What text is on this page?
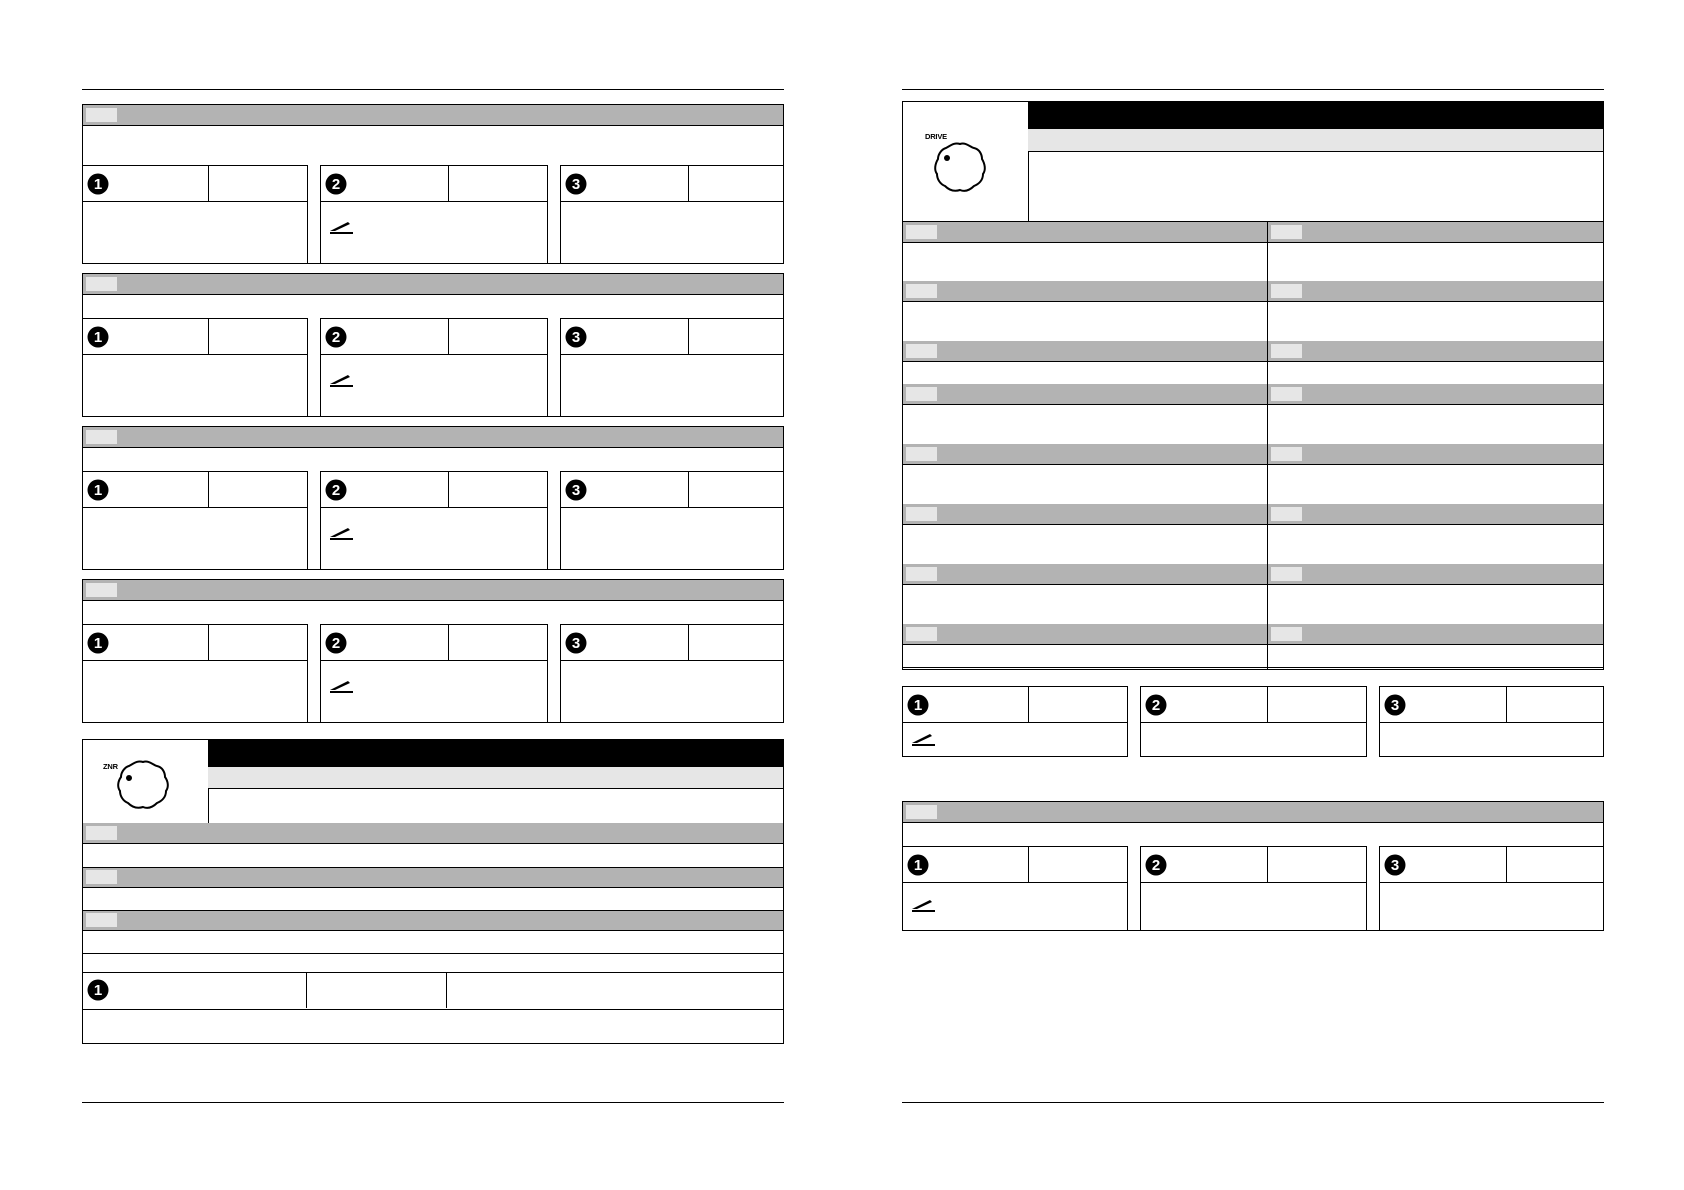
1	2	3
1	2	3
1	2	3
1	2	3
ZNR
1
DRIVE
1	2	3
1	2	3
